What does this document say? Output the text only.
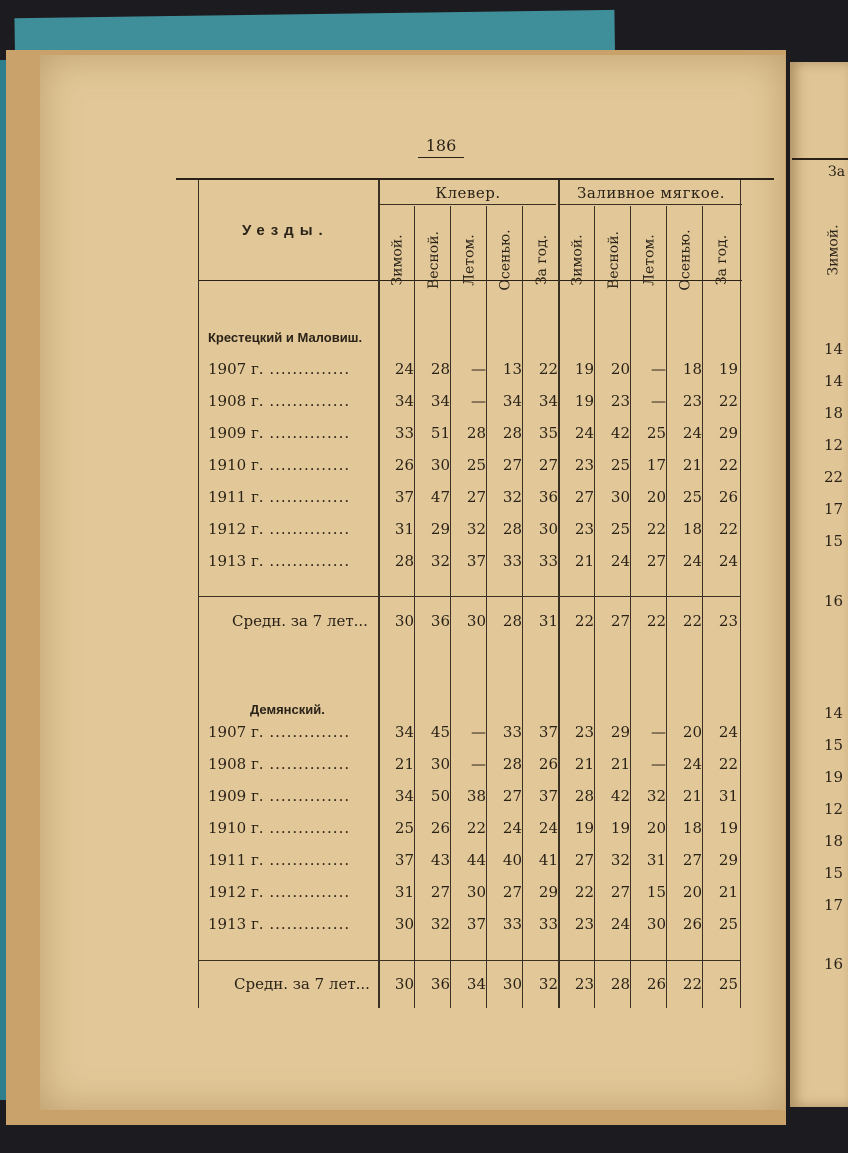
186
Клевер.	Заливное мягкое.
Уезды.
Зимой. Весной. Летом. Осенью. За год. Зимой. Весной. Летом. Осенью. За год.
Крестецкий и Маловиш.
1907 г. ..............	24	28	—	13	22	19	20	—	18	19
1908 г. ..............	34	34	—	34	34	19	23	—	23	22
1909 г. ..............	33	51	28	28	35	24	42	25	24	29
1910 г. ..............	26	30	25	27	27	23	25	17	21	22
1911 г. ..............	37	47	27	32	36	27	30	20	25	26
1912 г. ..............	31	29	32	28	30	23	25	22	18	22
1913 г. ..............	28	32	37	33	33	21	24	27	24	24
Средн. за 7 лет...	30	36	30	28	31	22	27	22	22	23
Демянский.
1907 г. ..............	34	45	—	33	37	23	29	—	20	24
1908 г. ..............	21	30	—	28	26	21	21	—	24	22
1909 г. ..............	34	50	38	27	37	28	42	32	21	31
1910 г. ..............	25	26	22	24	24	19	19	20	18	19
1911 г. ..............	37	43	44	40	41	27	32	31	27	29
1912 г. ..............	31	27	30	27	29	22	27	15	20	21
1913 г. ..............	30	32	37	33	33	23	24	30	26	25
Средн. за 7 лет...	30	36	34	30	32	23	28	26	22	25
За
Зимой.
14
14
18
12
22
17
15
16
14
15
19
12
18
15
17
16
